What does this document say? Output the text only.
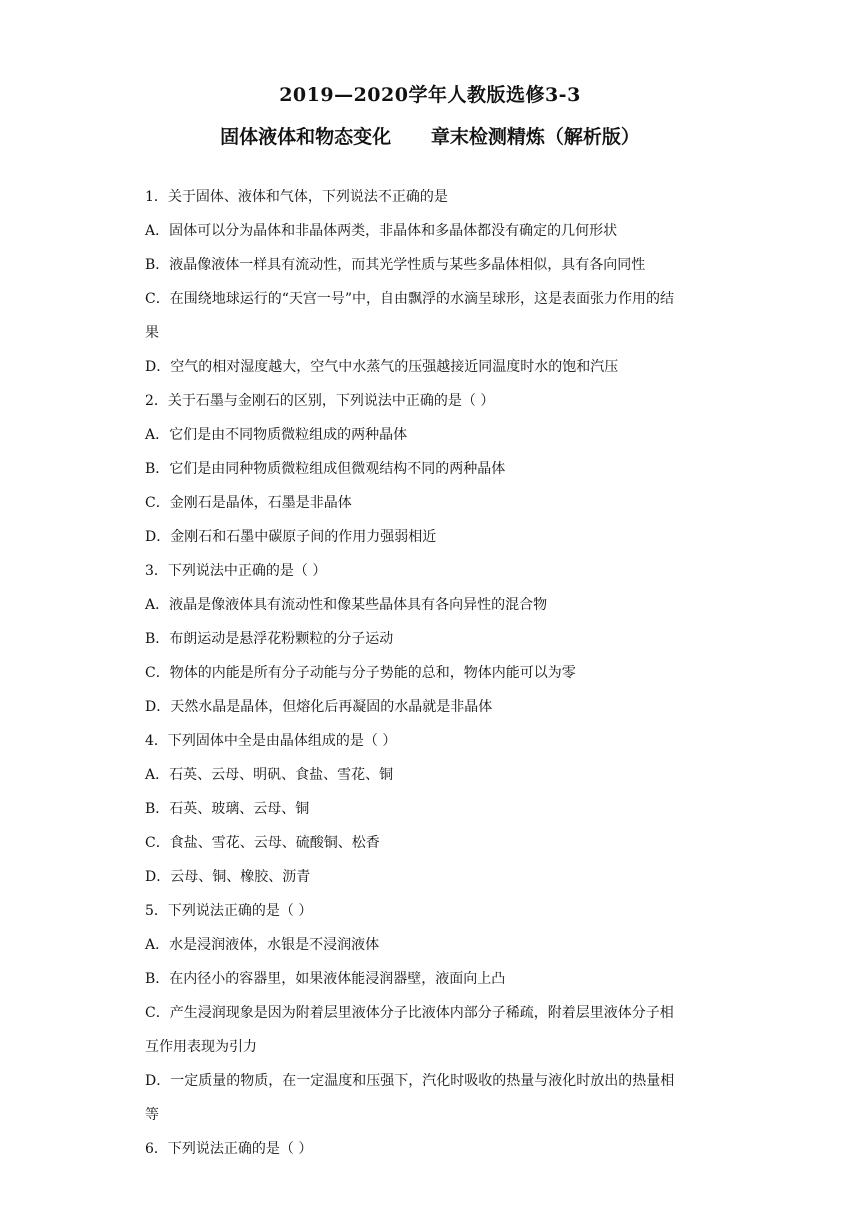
2019—2020学年人教版选修3-3
固体液体和物态变化      章末检测精炼（解析版）
1．关于固体、液体和气体，下列说法不正确的是
A．固体可以分为晶体和非晶体两类，非晶体和多晶体都没有确定的几何形状
B．液晶像液体一样具有流动性，而其光学性质与某些多晶体相似，具有各向同性
C．在围绕地球运行的“天宫一号”中，自由飘浮的水滴呈球形，这是表面张力作用的结
果
D．空气的相对湿度越大，空气中水蒸气的压强越接近同温度时水的饱和汽压
2．关于石墨与金刚石的区别，下列说法中正确的是（ ）
A．它们是由不同物质微粒组成的两种晶体
B．它们是由同种物质微粒组成但微观结构不同的两种晶体
C．金刚石是晶体，石墨是非晶体
D．金刚石和石墨中碳原子间的作用力强弱相近
3．下列说法中正确的是（ ）
A．液晶是像液体具有流动性和像某些晶体具有各向异性的混合物
B．布朗运动是悬浮花粉颗粒的分子运动
C．物体的内能是所有分子动能与分子势能的总和，物体内能可以为零
D．天然水晶是晶体，但熔化后再凝固的水晶就是非晶体
4．下列固体中全是由晶体组成的是（ ）
A．石英、云母、明矾、食盐、雪花、铜
B．石英、玻璃、云母、铜
C．食盐、雪花、云母、硫酸铜、松香
D．云母、铜、橡胶、沥青
5．下列说法正确的是（ ）
A．水是浸润液体，水银是不浸润液体
B．在内径小的容器里，如果液体能浸润器壁，液面向上凸
C．产生浸润现象是因为附着层里液体分子比液体内部分子稀疏，附着层里液体分子相
互作用表现为引力
D．一定质量的物质，在一定温度和压强下，汽化时吸收的热量与液化时放出的热量相
等
6．下列说法正确的是（ ）
